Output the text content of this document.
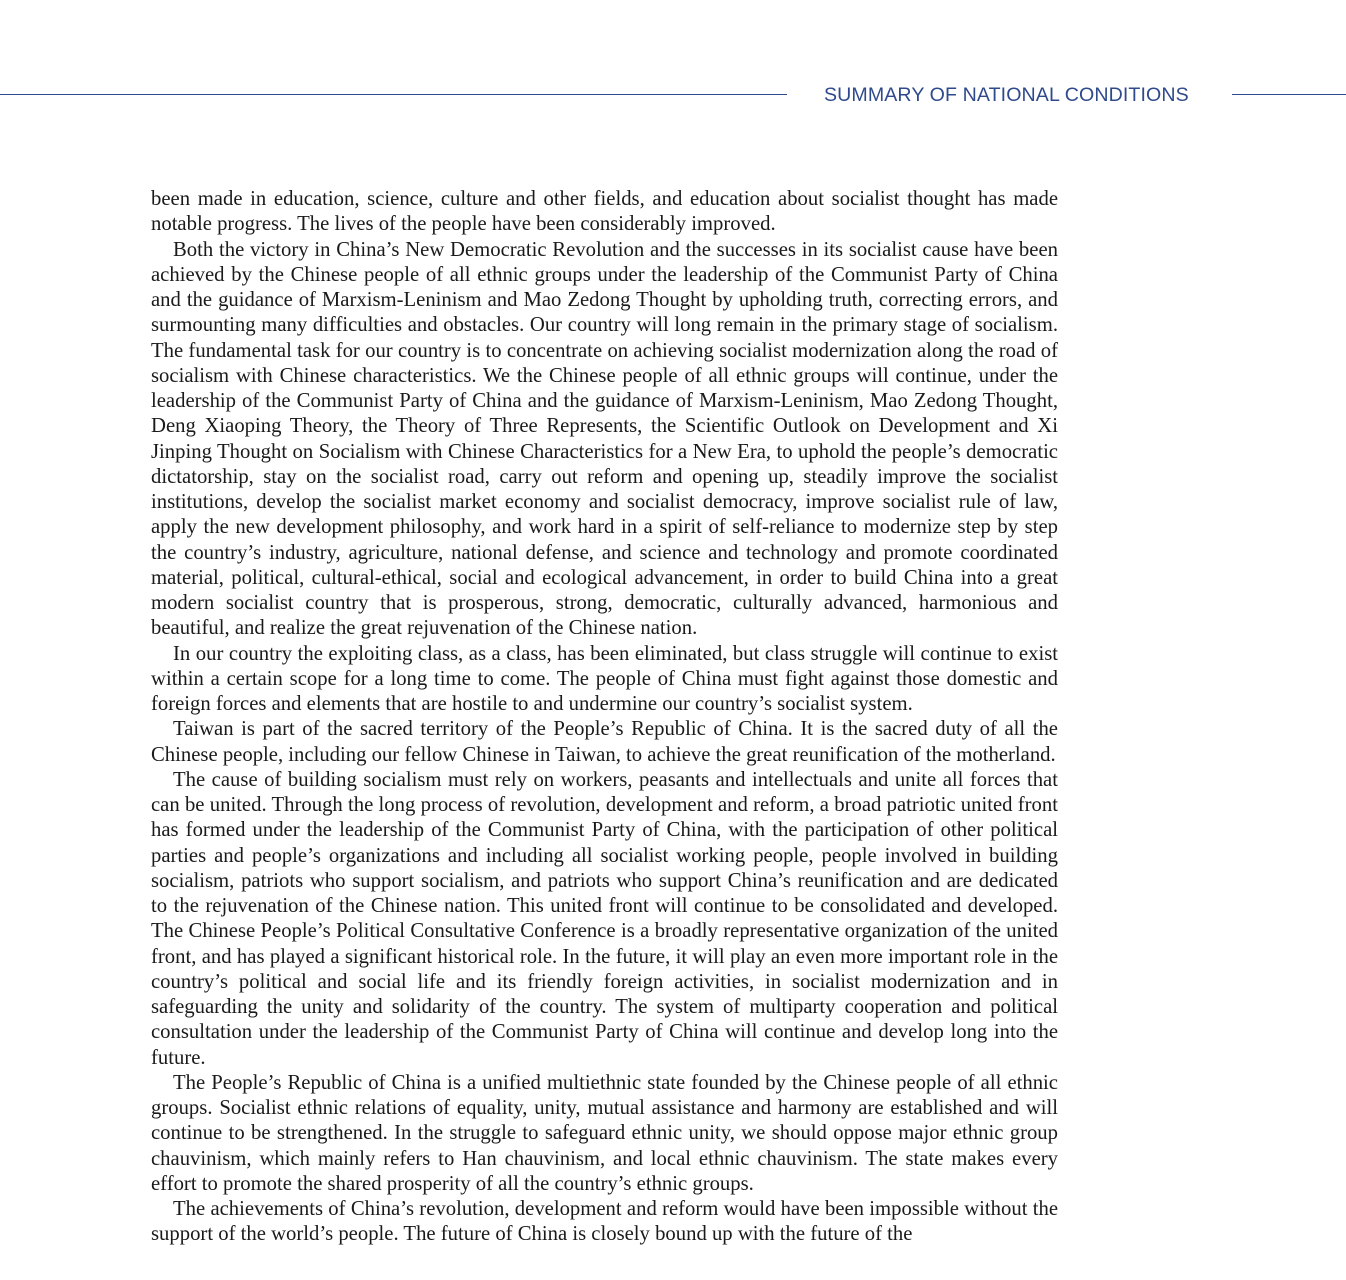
SUMMARY OF NATIONAL CONDITIONS

been made in education, science, culture and other fields, and education about socialist thought has made notable progress. The lives of the people have been considerably improved.

Both the victory in China’s New Democratic Revolution and the successes in its socialist cause have been achieved by the Chinese people of all ethnic groups under the leadership of the Communist Party of China and the guidance of Marxism-Leninism and Mao Zedong Thought by upholding truth, correcting errors, and surmounting many difficulties and obstacles. Our country will long remain in the primary stage of socialism. The fundamental task for our country is to concentrate on achieving socialist modernization along the road of socialism with Chinese characteristics. We the Chinese people of all ethnic groups will continue, under the leadership of the Communist Party of China and the guidance of Marxism-Leninism, Mao Zedong Thought, Deng Xiaoping Theory, the Theory of Three Represents, the Scientific Outlook on Development and Xi Jinping Thought on Socialism with Chinese Characteristics for a New Era, to uphold the people’s democratic dictatorship, stay on the socialist road, carry out reform and opening up, steadily improve the socialist institutions, develop the socialist market economy and socialist democracy, improve socialist rule of law, apply the new development philosophy, and work hard in a spirit of self-reliance to modernize step by step the country’s industry, agriculture, national defense, and science and technology and promote coordinated material, political, cultural-ethical, social and ecological advancement, in order to build China into a great modern socialist country that is prosperous, strong, democratic, culturally advanced, harmonious and beautiful, and realize the great rejuvenation of the Chinese nation.

In our country the exploiting class, as a class, has been eliminated, but class struggle will continue to exist within a certain scope for a long time to come. The people of China must fight against those domestic and foreign forces and elements that are hostile to and undermine our country’s socialist system.

Taiwan is part of the sacred territory of the People’s Republic of China. It is the sacred duty of all the Chinese people, including our fellow Chinese in Taiwan, to achieve the great reunification of the motherland.

The cause of building socialism must rely on workers, peasants and intellectuals and unite all forces that can be united. Through the long process of revolution, development and reform, a broad patriotic united front has formed under the leadership of the Communist Party of China, with the participation of other political parties and people’s organizations and including all socialist working people, people involved in building socialism, patriots who support socialism, and patriots who support China’s reunification and are dedicated to the rejuvenation of the Chinese nation. This united front will continue to be consolidated and developed. The Chinese People’s Political Consultative Conference is a broadly representative organization of the united front, and has played a significant historical role. In the future, it will play an even more important role in the country’s political and social life and its friendly foreign activities, in socialist modernization and in safeguarding the unity and solidarity of the country. The system of multiparty cooperation and political consultation under the leadership of the Communist Party of China will continue and develop long into the future.

The People’s Republic of China is a unified multiethnic state founded by the Chinese people of all ethnic groups. Socialist ethnic relations of equality, unity, mutual assistance and harmony are established and will continue to be strengthened. In the struggle to safeguard ethnic unity, we should oppose major ethnic group chauvinism, which mainly refers to Han chauvinism, and local ethnic chauvinism. The state makes every effort to promote the shared prosperity of all the country’s ethnic groups.

The achievements of China’s revolution, development and reform would have been impossible without the support of the world’s people. The future of China is closely bound up with the future of the
